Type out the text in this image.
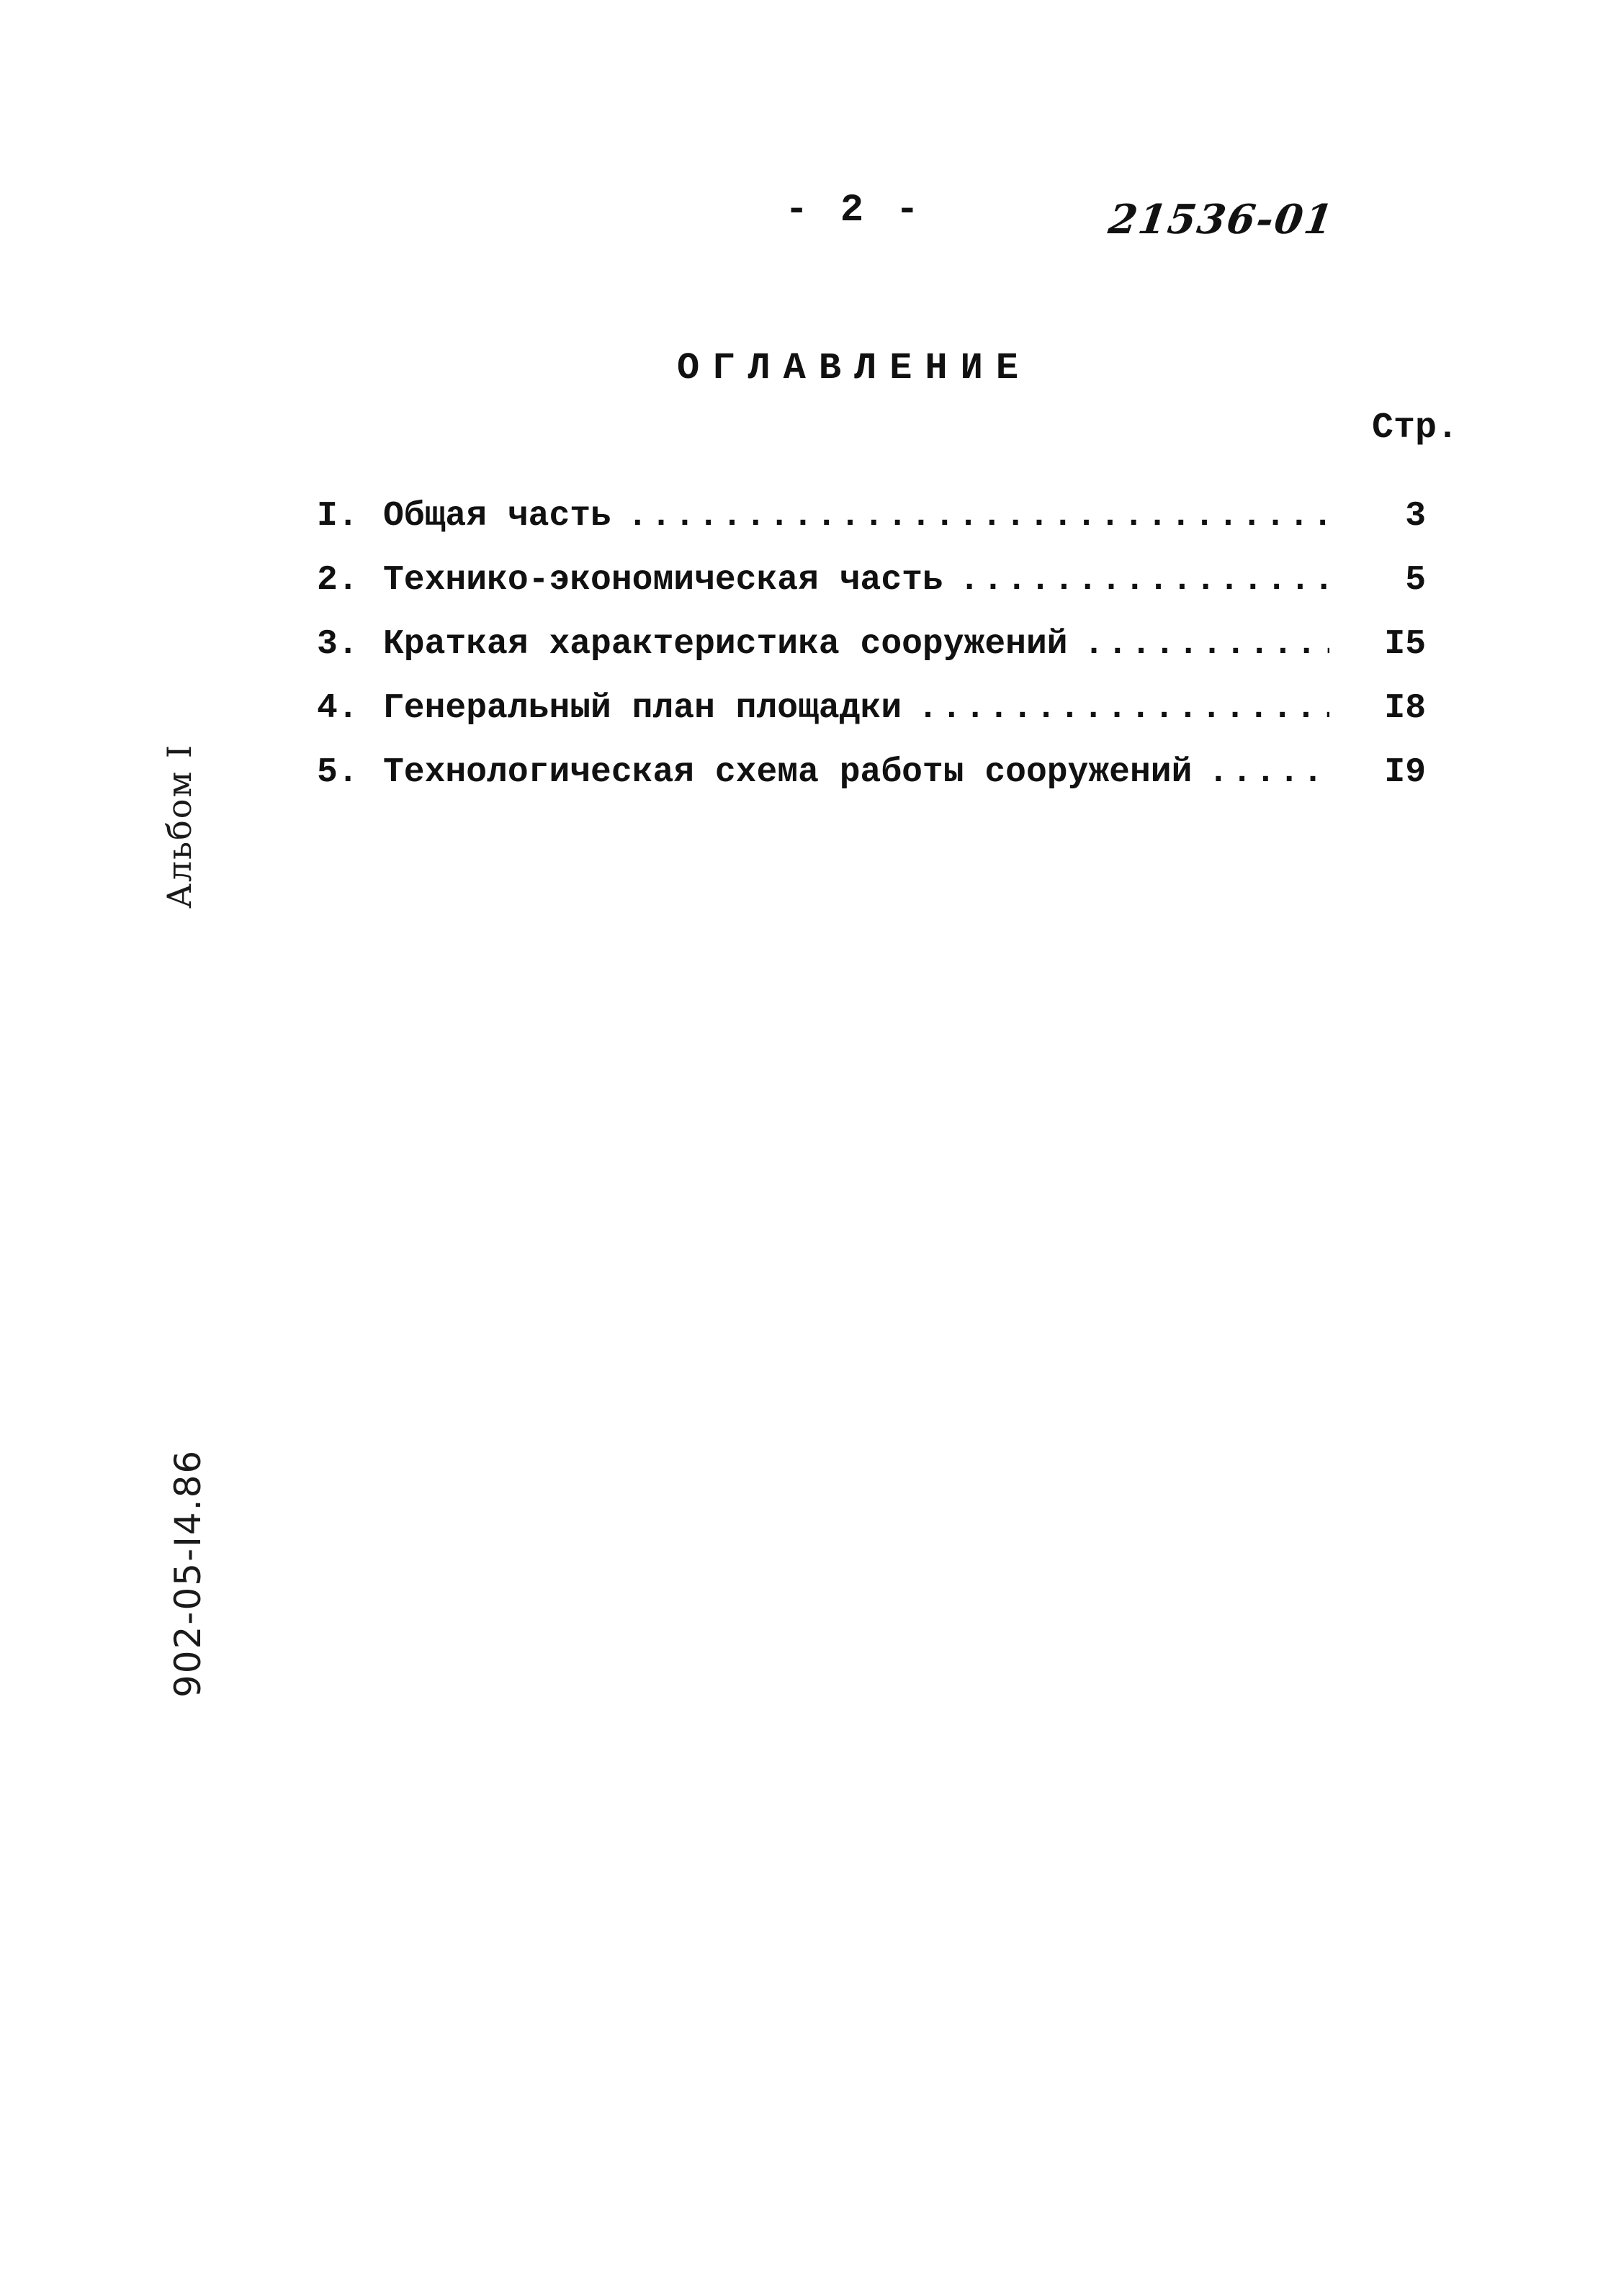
- 2 -	21536-01
ОГЛАВЛЕНИЕ
Стр.
I. Общая часть .....	3
2. Технико-экономическая часть .....	5
3. Краткая характеристика сооружений .....	I5
4. Генеральный план площадки .....	I8
5. Технологическая схема работы сооружений .....	I9
Альбом I
902-05-I4.86
